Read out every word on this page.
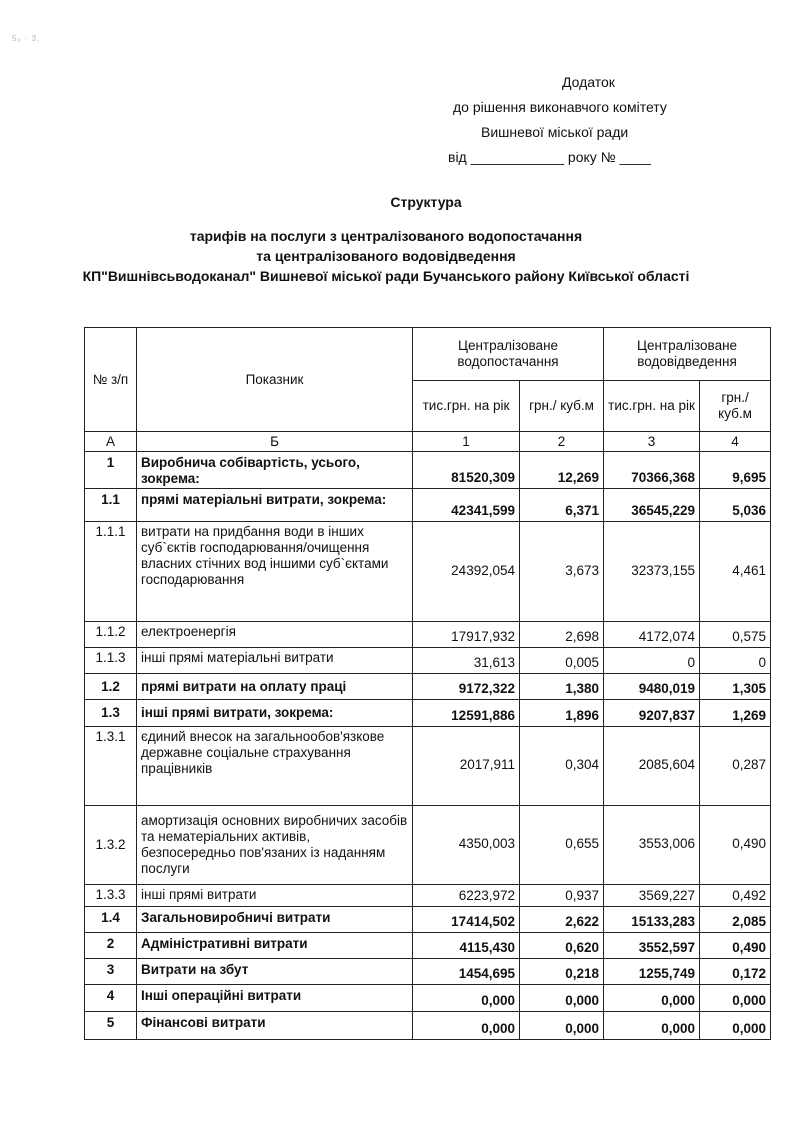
5ᵤ · 3,
Додаток
до рішення виконавчого комітету
Вишневої міської ради
від ____________ року № ____
Структура
тарифів на послуги з централізованого водопостачання
та централізованого водовідведення
КП"Вишнівсьводоканал" Вишневої міської ради Бучанського району Київської області
№ з/п	Показник	Централізоване водопостачання		Централізоване водовідведення	
		тис.грн. на рік	грн./ куб.м	тис.грн. на рік	грн./ куб.м
А	Б	1	2	3	4
1	Виробнича собівартість, усього, зокрема:	81520,309	12,269	70366,368	9,695
1.1	прямі матеріальні витрати, зокрема:	42341,599	6,371	36545,229	5,036
1.1.1	витрати на придбання води в інших суб`єктів господарювання/очищення власних стічних вод іншими суб`єктами господарювання	24392,054	3,673	32373,155	4,461
1.1.2	електроенергія	17917,932	2,698	4172,074	0,575
1.1.3	інші прямі матеріальні витрати	31,613	0,005	0	0
1.2	прямі витрати на оплату праці	9172,322	1,380	9480,019	1,305
1.3	інші прямі витрати, зокрема:	12591,886	1,896	9207,837	1,269
1.3.1	єдиний внесок на загальнообов'язкове державне соціальне страхування працівників	2017,911	0,304	2085,604	0,287
1.3.2	амортизація основних виробничих засобів та нематеріальних активів, безпосередньо пов'язаних із наданням послуги	4350,003	0,655	3553,006	0,490
1.3.3	інші прямі витрати	6223,972	0,937	3569,227	0,492
1.4	Загальновиробничі витрати	17414,502	2,622	15133,283	2,085
2	Адміністративні витрати	4115,430	0,620	3552,597	0,490
3	Витрати на збут	1454,695	0,218	1255,749	0,172
4	Інші операційні витрати	0,000	0,000	0,000	0,000
5	Фінансові витрати	0,000	0,000	0,000	0,000
